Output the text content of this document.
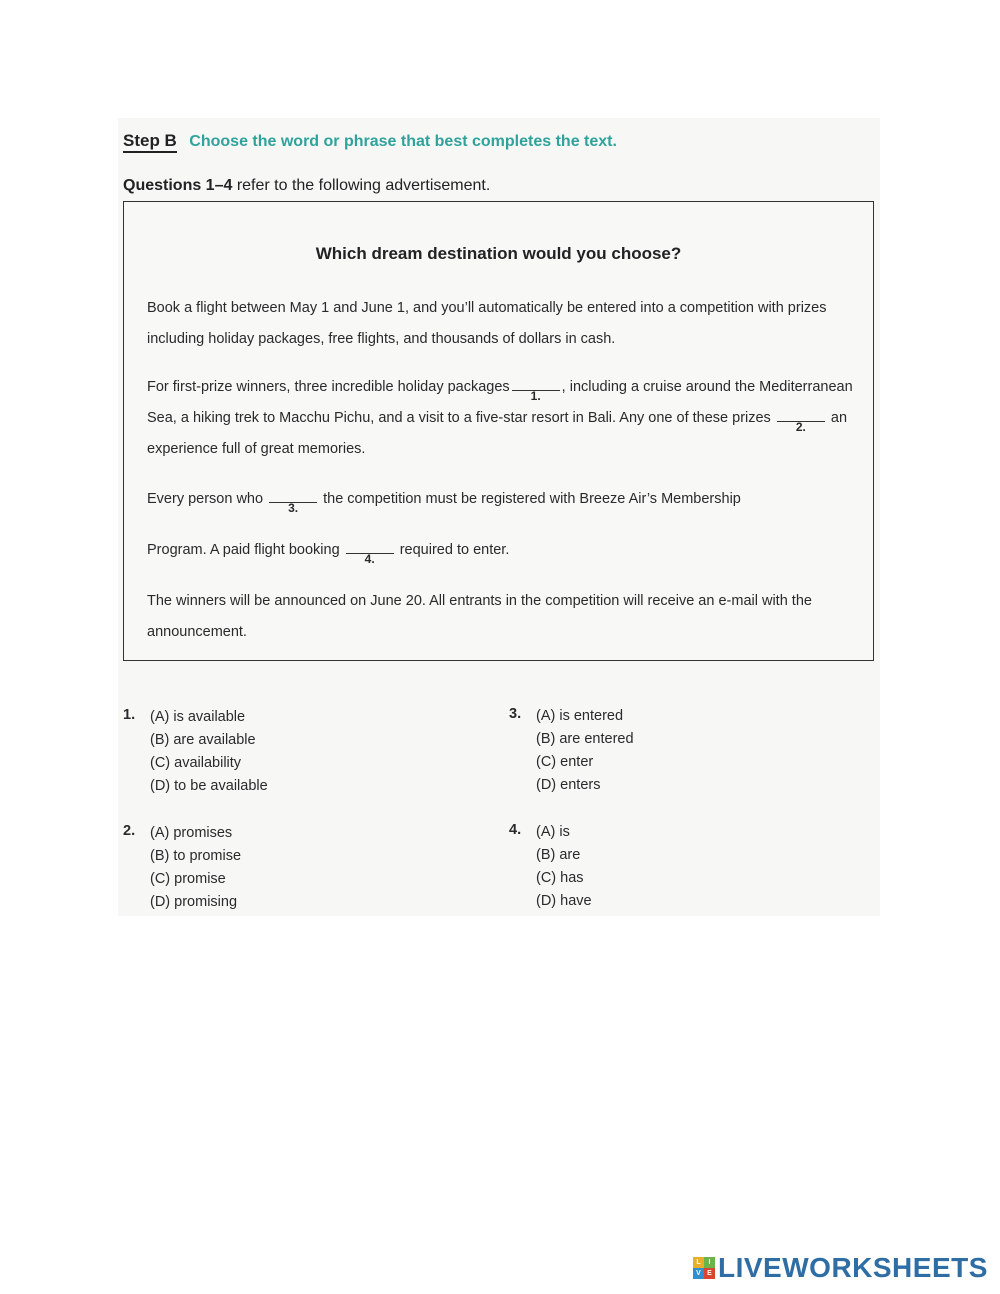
Step B Choose the word or phrase that best completes the text.
Questions 1–4 refer to the following advertisement.
Which dream destination would you choose?
Book a flight between May 1 and June 1, and you’ll automatically be entered into a competition with prizes including holiday packages, free flights, and thousands of dollars in cash.
For first-prize winners, three incredible holiday packages
1.
, including a cruise around the Mediterranean Sea, a hiking trek to Macchu Pichu, and a visit to a five-star resort in Bali. Any one of these prizes
2.
an experience full of great memories.
Every person who
3.
the competition must be registered with Breeze Air’s Membership
Program. A paid flight booking
4.
required to enter.
The winners will be announced on June 20. All entrants in the competition will receive an e-mail with the announcement.
1. (A) is available
(B) are available
(C) availability
(D) to be available
2. (A) promises
(B) to promise
(C) promise
(D) promising
3. (A) is entered
(B) are entered
(C) enter
(D) enters
4. (A) is
(B) are
(C) has
(D) have
L	I
V E LIVEWORKSHEETS
